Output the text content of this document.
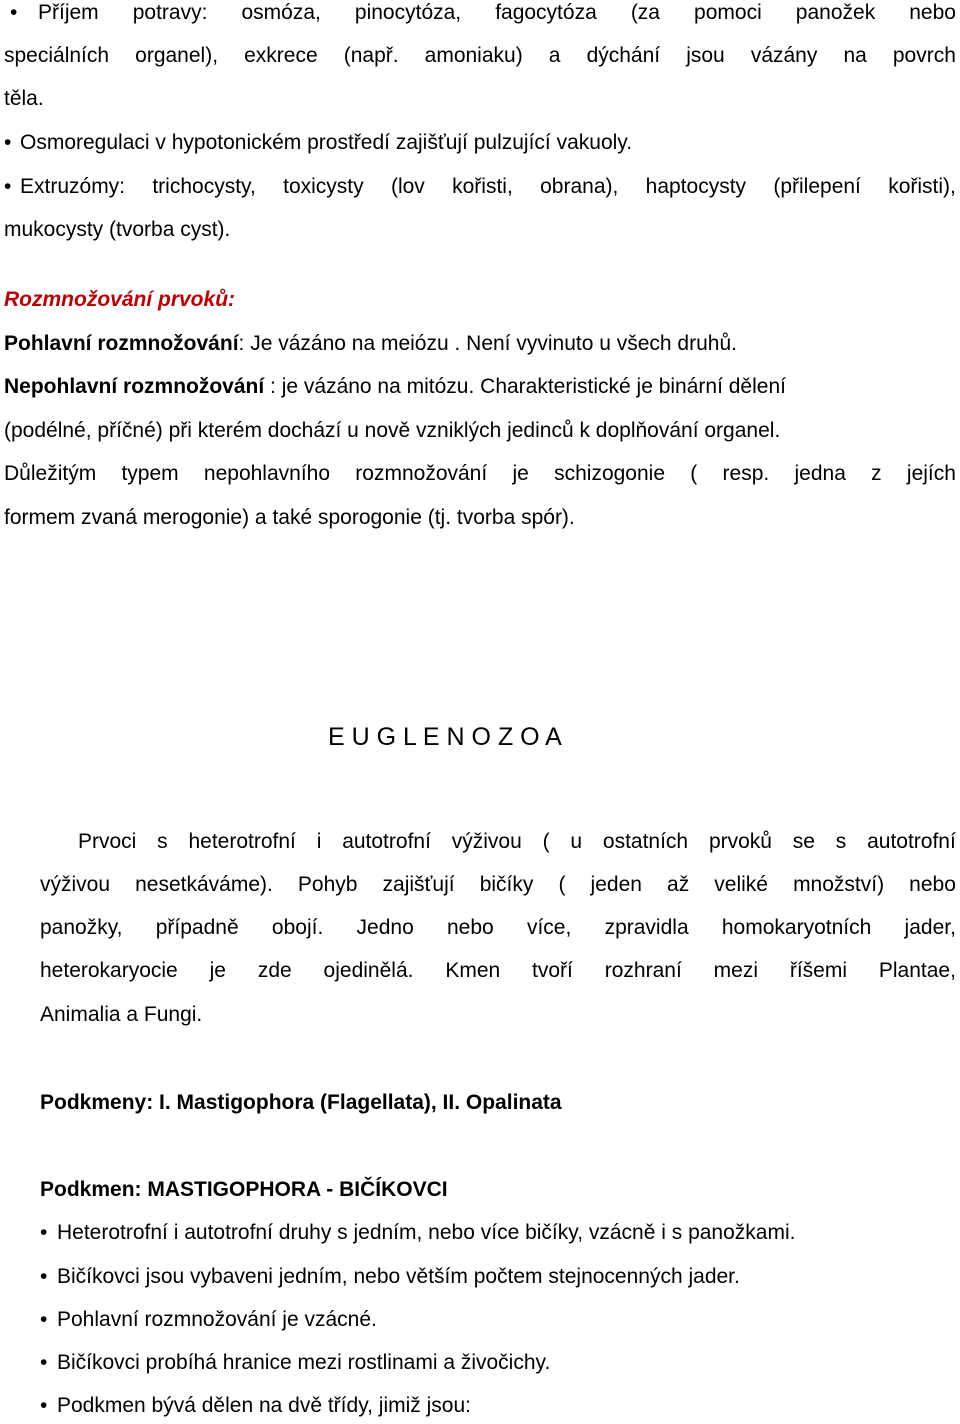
• Příjem potravy: osmóza, pinocytóza, fagocytóza (za pomoci panožek nebo
speciálních organel), exkrece (např. amoniaku) a dýchání jsou vázány na povrch
těla.
• Osmoregulaci v hypotonickém prostředí zajišťují pulzující vakuoly.
• Extruzómy: trichocysty, toxicysty (lov kořisti, obrana), haptocysty (přilepení kořisti),
mukocysty (tvorba cyst).
Rozmnožování prvoků:
Pohlavní rozmnožování: Je vázáno na meiózu . Není vyvinuto u všech druhů.
Nepohlavní rozmnožování : je vázáno na mitózu. Charakteristické je binární dělení
(podélné, příčné) při kterém dochází u nově vzniklých jedinců k doplňování organel.
Důležitým typem nepohlavního rozmnožování je schizogonie ( resp. jedna z jejích
formem zvaná merogonie) a také sporogonie (tj. tvorba spór).
E U G L E N O Z O A
Prvoci s heterotrofní i autotrofní výživou ( u ostatních prvoků se s autotrofní
výživou nesetkáváme). Pohyb zajišťují bičíky ( jeden až veliké množství) nebo
panožky, případně obojí. Jedno nebo více, zpravidla homokaryotních jader,
heterokaryocie je zde ojedinělá. Kmen tvoří rozhraní mezi říšemi Plantae,
Animalia a Fungi.
Podkmeny: I. Mastigophora (Flagellata), II. Opalinata
Podkmen: MASTIGOPHORA - BIČÍKOVCI
• Heterotrofní i autotrofní druhy s jedním, nebo více bičíky, vzácně i s panožkami.
• Bičíkovci jsou vybaveni jedním, nebo větším počtem stejnocenných jader.
• Pohlavní rozmnožování je vzácné.
• Bičíkovci probíhá hranice mezi rostlinami a živočichy.
• Podkmen bývá dělen na dvě třídy, jimiž jsou:
